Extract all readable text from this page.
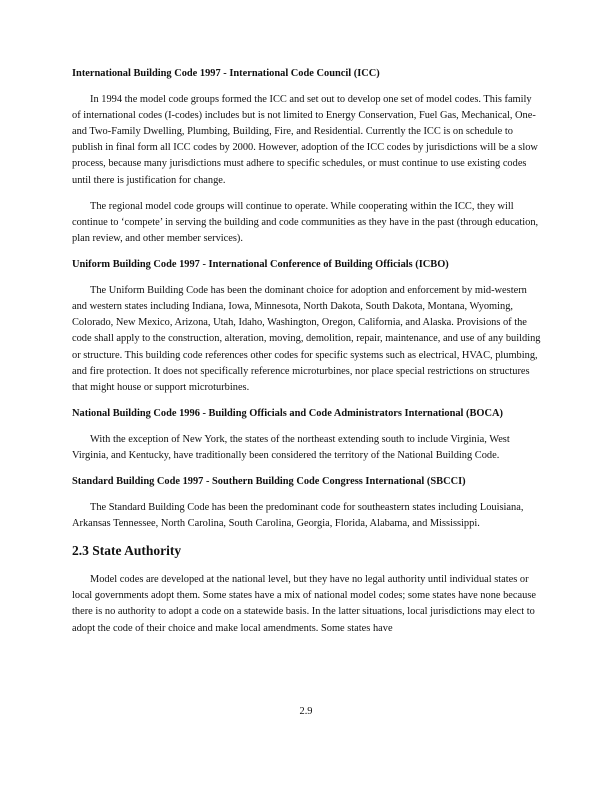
International Building Code 1997 - International Code Council (ICC)

In 1994 the model code groups formed the ICC and set out to develop one set of model codes. This family of international codes (I-codes) includes but is not limited to Energy Conservation, Fuel Gas, Mechanical, One- and Two-Family Dwelling, Plumbing, Building, Fire, and Residential. Currently the ICC is on schedule to publish in final form all ICC codes by 2000. However, adoption of the ICC codes by jurisdictions will be a slow process, because many jurisdictions must adhere to specific schedules, or must continue to use existing codes until there is justification for change.

The regional model code groups will continue to operate. While cooperating within the ICC, they will continue to ‘compete’ in serving the building and code communities as they have in the past (through education, plan review, and other member services).

Uniform Building Code 1997 - International Conference of Building Officials (ICBO)

The Uniform Building Code has been the dominant choice for adoption and enforcement by mid-western and western states including Indiana, Iowa, Minnesota, North Dakota, South Dakota, Montana, Wyoming, Colorado, New Mexico, Arizona, Utah, Idaho, Washington, Oregon, California, and Alaska. Provisions of the code shall apply to the construction, alteration, moving, demolition, repair, maintenance, and use of any building or structure. This building code references other codes for specific systems such as electrical, HVAC, plumbing, and fire protection. It does not specifically reference microturbines, nor place special restrictions on structures that might house or support microturbines.

National Building Code 1996 - Building Officials and Code Administrators International (BOCA)

With the exception of New York, the states of the northeast extending south to include Virginia, West Virginia, and Kentucky, have traditionally been considered the territory of the National Building Code.

Standard Building Code 1997 - Southern Building Code Congress International (SBCCI)

The Standard Building Code has been the predominant code for southeastern states including Louisiana, Arkansas Tennessee, North Carolina, South Carolina, Georgia, Florida, Alabama, and Mississippi.

2.3 State Authority

Model codes are developed at the national level, but they have no legal authority until individual states or local governments adopt them. Some states have a mix of national model codes; some states have none because there is no authority to adopt a code on a statewide basis. In the latter situations, local jurisdictions may elect to adopt the code of their choice and make local amendments. Some states have

2.9
